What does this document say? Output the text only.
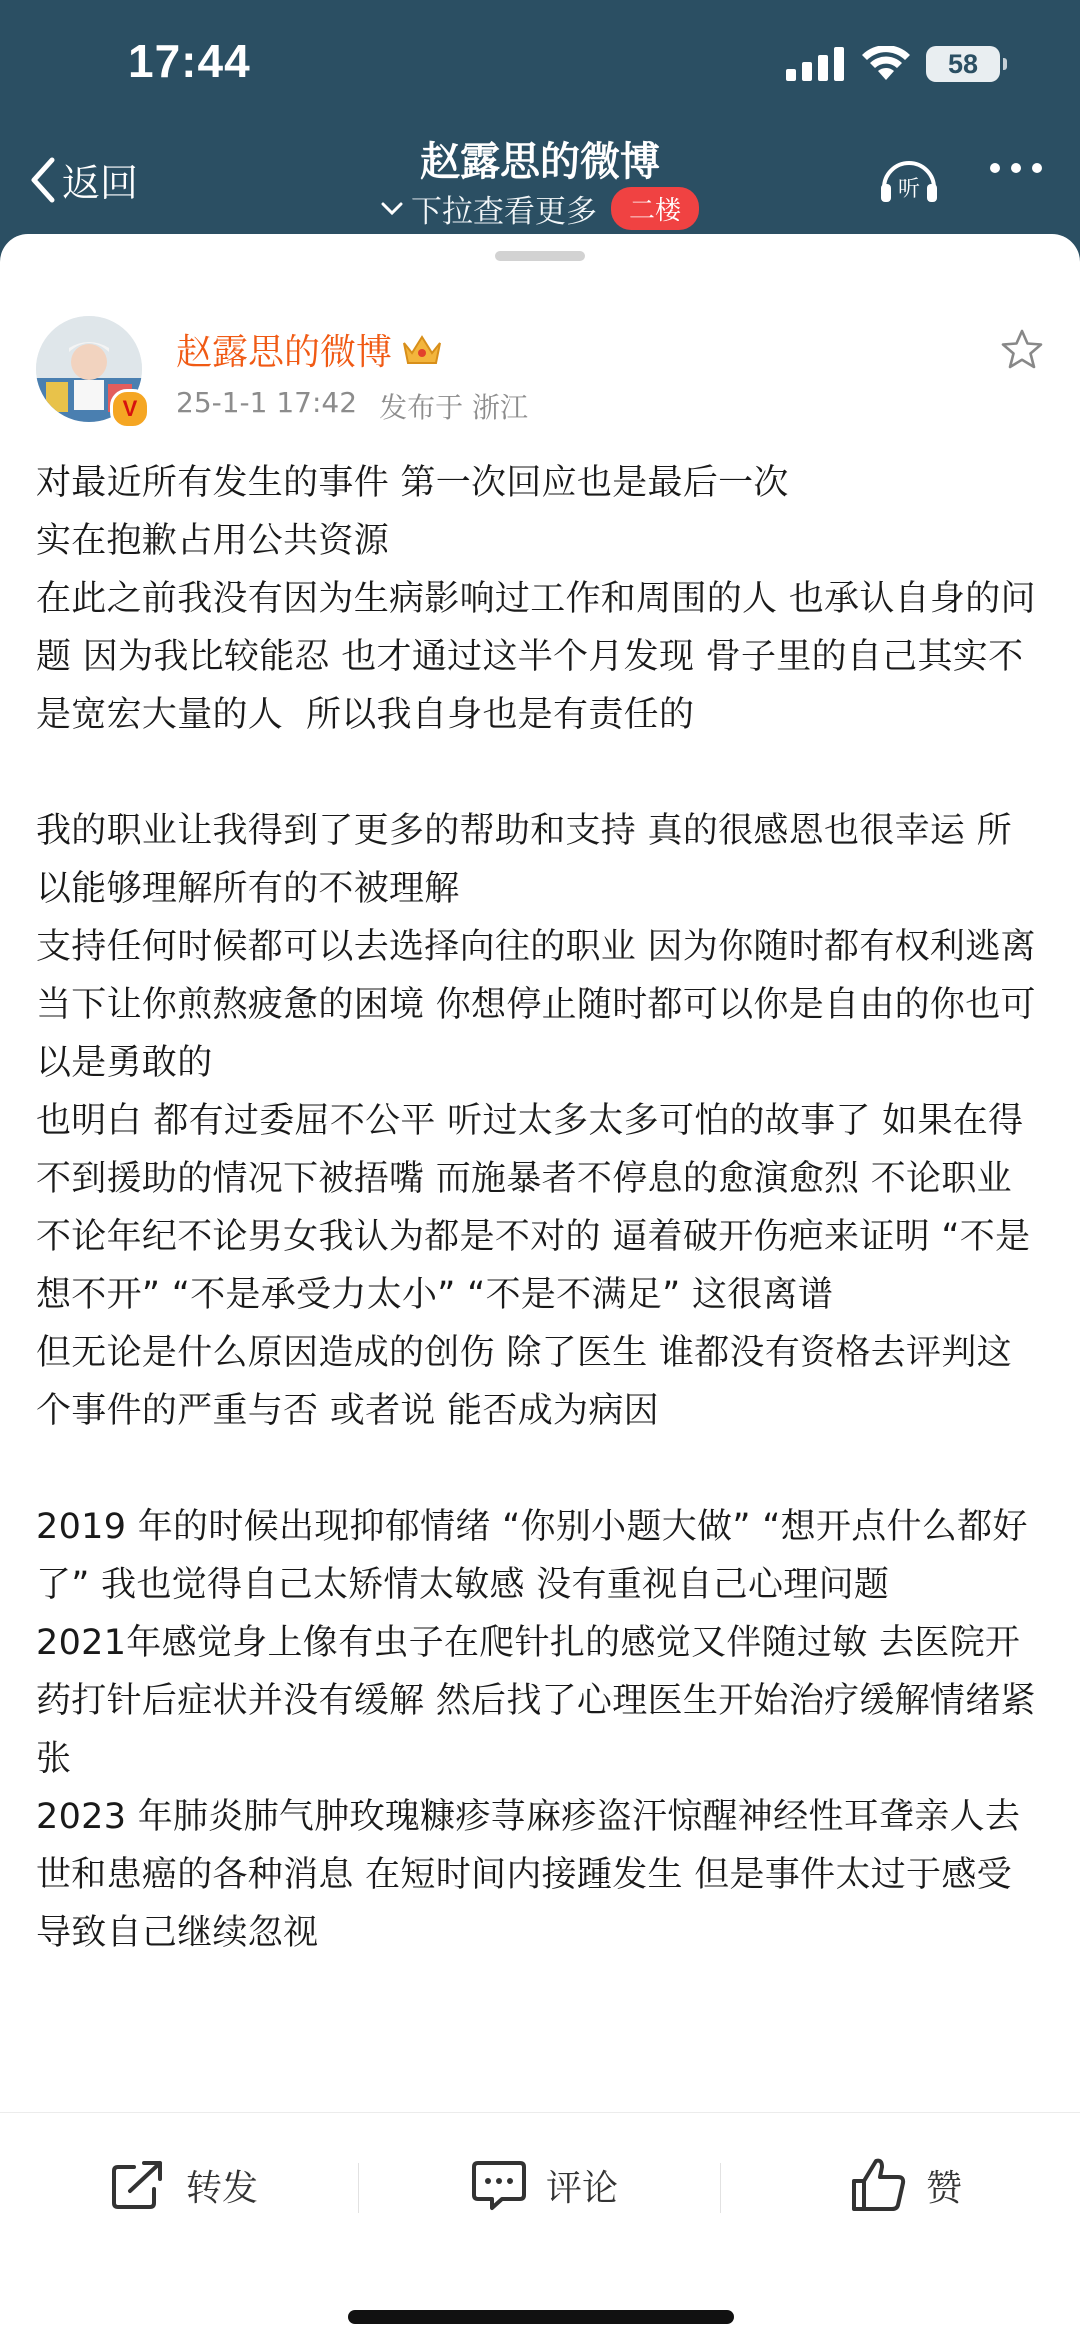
17:44	58
返回	赵露思的微博
下拉查看更多	二楼
听
V
赵露思的微博
25-1-1 17:42 发布于 浙江

对最近所有发生的事件 第一次回应也是最后一次
实在抱歉占用公共资源
在此之前我没有因为生病影响过工作和周围的人 也承认自身的问题 因为我比较能忍 也才通过这半个月发现 骨子里的自己其实不是宽宏大量的人  所以我自身也是有责任的

我的职业让我得到了更多的帮助和支持 真的很感恩也很幸运 所以能够理解所有的不被理解
支持任何时候都可以去选择向往的职业 因为你随时都有权利逃离当下让你煎熬疲惫的困境 你想停止随时都可以你是自由的你也可以是勇敢的
也明白 都有过委屈不公平 听过太多太多可怕的故事了 如果在得不到援助的情况下被捂嘴 而施暴者不停息的愈演愈烈 不论职业不论年纪不论男女我认为都是不对的 逼着破开伤疤来证明 “不是想不开” “不是承受力太小” “不是不满足” 这很离谱
但无论是什么原因造成的创伤 除了医生 谁都没有资格去评判这个事件的严重与否 或者说 能否成为病因

2019 年的时候出现抑郁情绪 “你别小题大做” “想开点什么都好了” 我也觉得自己太矫情太敏感 没有重视自己心理问题
2021年感觉身上像有虫子在爬针扎的感觉又伴随过敏 去医院开药打针后症状并没有缓解 然后找了心理医生开始治疗缓解情绪紧张
2023 年肺炎肺气肿玫瑰糠疹荨麻疹盗汗惊醒神经性耳聋亲人去世和患癌的各种消息 在短时间内接踵发生 但是事件太过于感受 导致自己继续忽视

转发	评论	赞
